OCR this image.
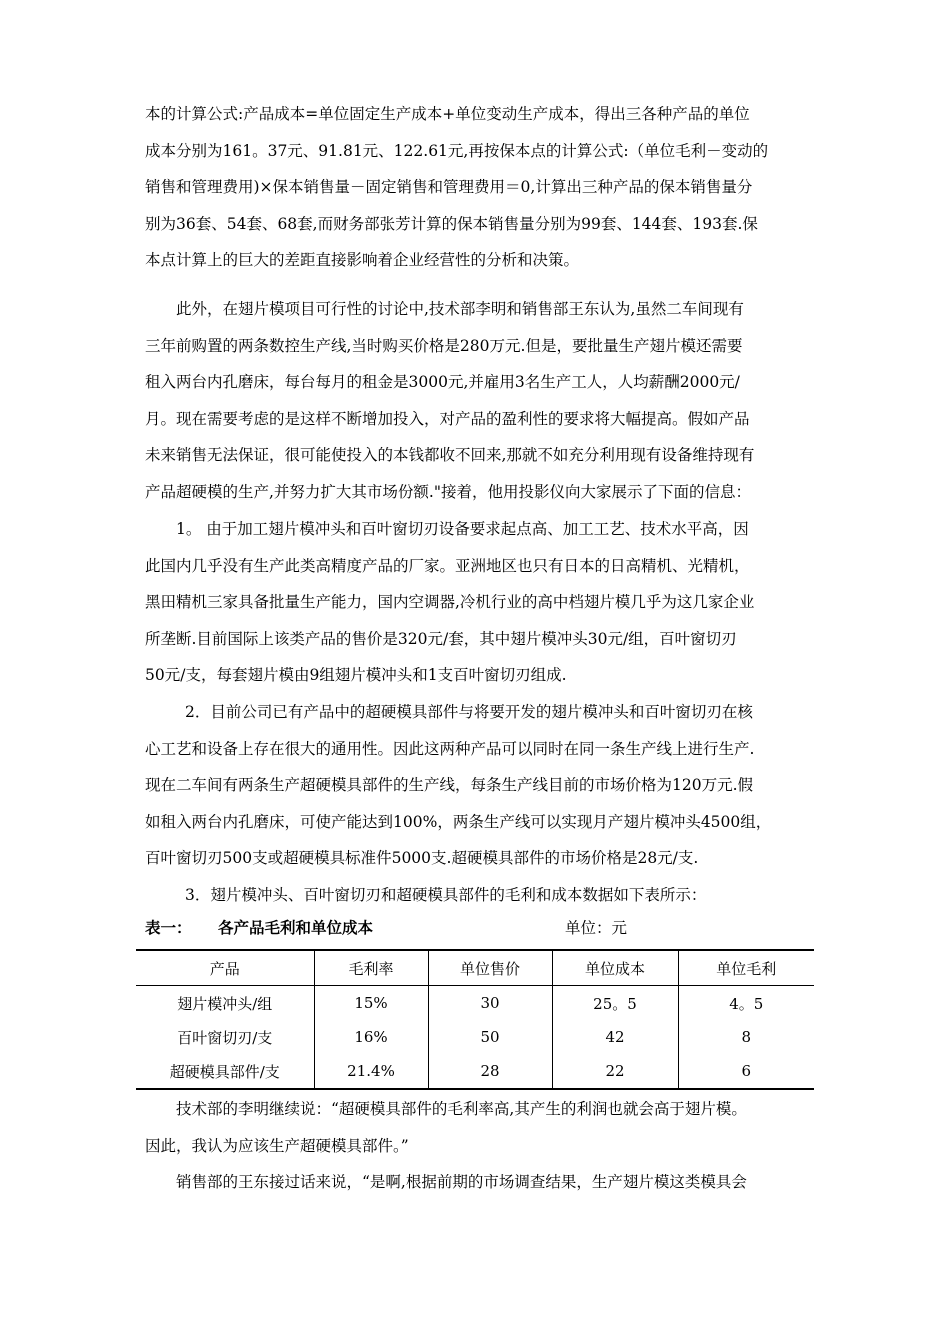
本的计算公式:产品成本=单位固定生产成本+单位变动生产成本，得出三各种产品的单位
成本分别为161。37元、91.81元、122.61元,再按保本点的计算公式:（单位毛利－变动的
销售和管理费用)×保本销售量－固定销售和管理费用＝0,计算出三种产品的保本销售量分
别为36套、54套、68套,而财务部张芳计算的保本销售量分别为99套、144套、193套.保
本点计算上的巨大的差距直接影响着企业经营性的分析和决策。
此外，在翅片模项目可行性的讨论中,技术部李明和销售部王东认为,虽然二车间现有
三年前购置的两条数控生产线,当时购买价格是280万元.但是，要批量生产翅片模还需要
租入两台内孔磨床，每台每月的租金是3000元,并雇用3名生产工人，人均薪酬2000元/
月。现在需要考虑的是这样不断增加投入，对产品的盈利性的要求将大幅提高。假如产品
未来销售无法保证，很可能使投入的本钱都收不回来,那就不如充分利用现有设备维持现有
产品超硬模的生产,并努力扩大其市场份额."接着，他用投影仪向大家展示了下面的信息：
1。 由于加工翅片模冲头和百叶窗切刃设备要求起点高、加工工艺、技术水平高，因
此国内几乎没有生产此类高精度产品的厂家。亚洲地区也只有日本的日高精机、光精机，
黑田精机三家具备批量生产能力，国内空调器,冷机行业的高中档翅片模几乎为这几家企业
所垄断.目前国际上该类产品的售价是320元/套，其中翅片模冲头30元/组，百叶窗切刃
50元/支，每套翅片模由9组翅片模冲头和1支百叶窗切刃组成.
2．目前公司已有产品中的超硬模具部件与将要开发的翅片模冲头和百叶窗切刃在核
心工艺和设备上存在很大的通用性。因此这两种产品可以同时在同一条生产线上进行生产.
现在二车间有两条生产超硬模具部件的生产线，每条生产线目前的市场价格为120万元.假
如租入两台内孔磨床，可使产能达到100%，两条生产线可以实现月产翅片模冲头4500组，
百叶窗切刃500支或超硬模具标准件5000支.超硬模具部件的市场价格是28元/支.
3．翅片模冲头、百叶窗切刃和超硬模具部件的毛利和成本数据如下表所示：
表一： 各产品毛利和单位成本	单位：元
产品	毛利率	单位售价	单位成本	单位毛利
翅片模冲头/组	15%	30	25。5	4。5
百叶窗切刃/支	16%	50	42	8
超硬模具部件/支	21.4%	28	22	6
技术部的李明继续说：“超硬模具部件的毛利率高,其产生的利润也就会高于翅片模。
因此，我认为应该生产超硬模具部件。”
销售部的王东接过话来说，“是啊,根据前期的市场调查结果，生产翅片模这类模具会
